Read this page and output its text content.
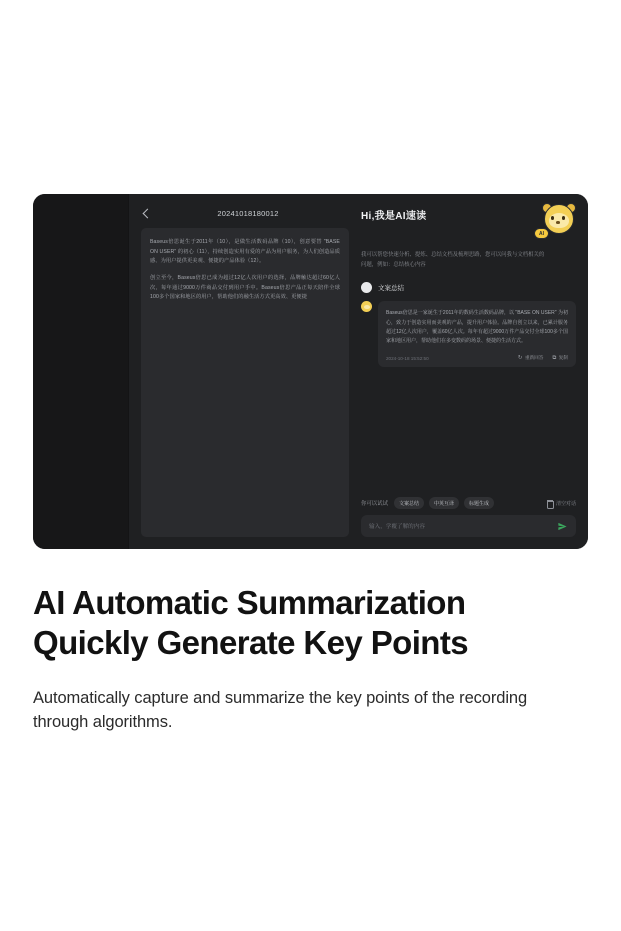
20241018180012

Baseus倍思诞生于2011年（10），是做生活数码品牌（10），创意要替 "BASE ON USER" 的初心（11），持续创造实用有爱的产品为用户服务，为人们创造品质感、为用户提供更美观、便捷的产品体验（12）。

创立至今，Baseus倍思已成为超过12亿人次用户的选择，品牌触达超过60亿人次，每年通过9000万件商品交付到用户手中。Baseus倍思产品正每天陪伴全球100多个国家和地区的用户，帮助他们的融生活方式更高效、更便捷

Hi,我是AI速读
AI

我可以帮您快速分析、提炼、总结文档及梳理思路，您可以问我与文档相关的问题，例如：总结核心内容

文案总结

Baseus倍思是一家诞生于2011年的数码生活数码品牌，以 "BASE ON USER" 为初心，致力于创造实用而美观的产品，提升用户体验。品牌自创立以来，已累计服务超过12亿人次用户，覆盖60亿人次。每年有超过9000万件产品交付全球100多个国家和地区用户，帮助他们在多变数码的场景、便捷的生活方式。

2024-10-18 15:52:50	↻ 重新回答 ⧉ 复制
你可以试试	文案总结	中英互译	标题生成	清空对话
输入，学覆了解的内容
AI Automatic Summarization
Quickly Generate Key Points

Automatically capture and summarize the key points of the recording through algorithms.
